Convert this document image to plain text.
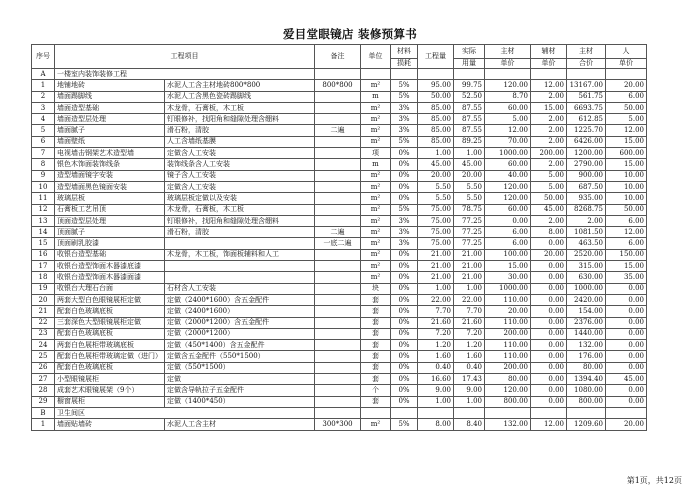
爱目堂眼镜店 装修预算书
序号	工程项目		备注	单位	材料	工程量	实际	主材	辅材	主材	人
					损耗		用量	单价	单价	合价	单价
A	一楼室内装饰装修工程										
1	地铺地砖	水泥人工含主材地砖800*800	800*800	m²	5%	95.00	99.75	120.00	12.00	13167.00	20.00
2	墙面踢脚线	水泥人工含黑色瓷砖踢脚线		m	5%	50.00	52.50	8.70	2.00	561.75	6.00
3	墙面造型基础	木龙骨，石膏板，木工板		m²	3%	85.00	87.55	60.00	15.00	6693.75	50.00
4	墙面造型层处理	钉眼修补，找阳角和缝隙处理含绷料		m²	3%	85.00	87.55	5.00	2.00	612.85	5.00
5	墙面腻子	滑石粉，清胶	二遍	m²	3%	85.00	87.55	12.00	2.00	1225.70	12.00
6	墙面壁纸	人工含墙纸基膜		m²	5%	85.00	89.25	70.00	2.00	6426.00	15.00
7	电视墙击钢架艺术造型墙	定做含人工安装		项	0%	1.00	1.00	1000.00	200.00	1200.00	600.00
8	银色木饰面装饰线条	装饰线条含人工安装		m	0%	45.00	45.00	60.00	2.00	2790.00	15.00
9	造型墙面镜字安装	镜子含人工安装		m²	0%	20.00	20.00	40.00	5.00	900.00	10.00
10	造型墙面黑色镜面安装	定做含人工安装		m²	0%	5.50	5.50	120.00	5.00	687.50	10.00
11	玻璃层板	玻璃层板定做以及安装		m²	0%	5.50	5.50	120.00	50.00	935.00	10.00
12	石膏板工艺吊顶	木龙骨，石膏板，木工板		m²	5%	75.00	78.75	60.00	45.00	8268.75	50.00
13	顶面造型层处理	钉眼修补，找阳角和缝隙处理含绷料		m²	3%	75.00	77.25	0.00	2.00	2.00	6.00
14	顶面腻子	滑石粉，清胶	二遍	m²	3%	75.00	77.25	6.00	8.00	1081.50	12.00
15	顶面刷乳胶漆		一底二遍	m²	3%	75.00	77.25	6.00	0.00	463.50	6.00
16	收银台造型基础	木龙骨，木工板，饰面板辅料和人工		m²	0%	21.00	21.00	100.00	20.00	2520.00	150.00
17	收银台造型饰面木器漆底漆			m²	0%	21.00	21.00	15.00	0.00	315.00	15.00
18	收银台造型饰面木器漆面漆			m²	0%	21.00	21.00	30.00	0.00	630.00	35.00
19	收银台大理石台面	石材含人工安装		块	0%	1.00	1.00	1000.00	0.00	1000.00	0.00
20	两套大型白色眼镜展柜定做	定做（2400*1600）含五金配件		套	0%	22.00	22.00	110.00	0.00	2420.00	0.00
21	配套白色玻璃底板	定做（2400*1600）		套	0%	7.70	7.70	20.00	0.00	154.00	0.00
22	三套深色大型眼镜展柜定做	定做（2000*1200）含五金配件		套	0%	21.60	21.60	110.00	0.00	2376.00	0.00
23	配套白色玻璃底板	定做（2000*1200）		套	0%	7.20	7.20	200.00	0.00	1440.00	0.00
24	两套白色展柜带玻璃底板	定做（450*1400）含五金配件		套	0%	1.20	1.20	110.00	0.00	132.00	0.00
25	配套白色展柜带玻璃定做（进门）	定做含五金配件（550*1500）		套	0%	1.60	1.60	110.00	0.00	176.00	0.00
26	配套白色玻璃底板	定做（550*1500）		套	0%	0.40	0.40	200.00	0.00	80.00	0.00
27	小型眼镜展柜	定做		套	0%	16.60	17.43	80.00	0.00	1394.40	45.00
28	成套艺术眼镜展架（9个）	定做含导轨拉子五金配件		个	0%	9.00	9.00	120.00	0.00	1080.00	0.00
29	橱窗展柜	定做（1400*450）		套	0%	1.00	1.00	800.00	0.00	800.00	0.00
B	卫生间区										
1	墙面贴墙砖	水泥人工含主材	300*300	m²	5%	8.00	8.40	132.00	12.00	1209.60	20.00
第1页，共12页
